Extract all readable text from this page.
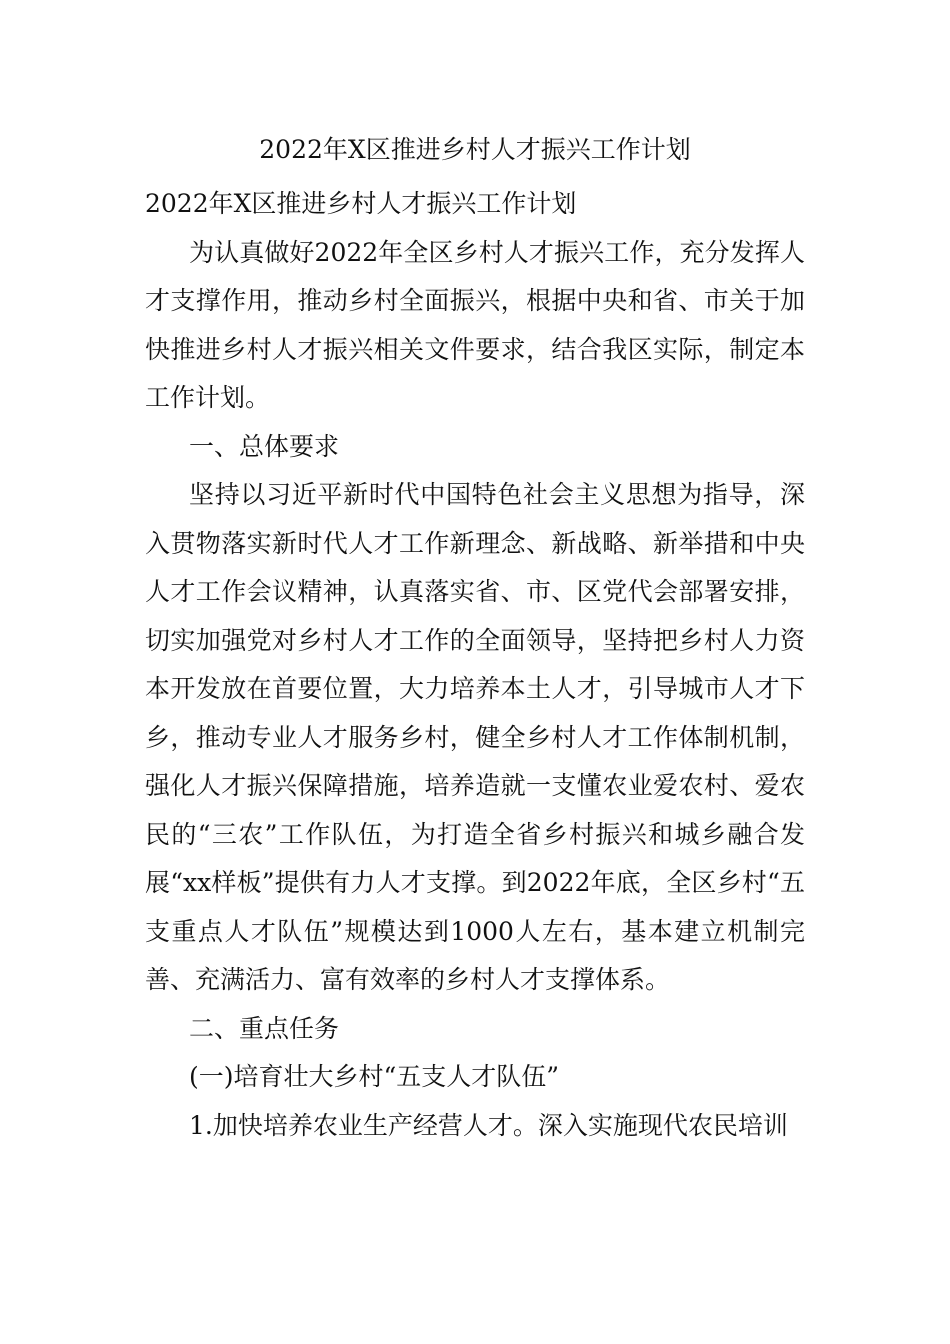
2022年X区推进乡村人才振兴工作计划

2022年X区推进乡村人才振兴工作计划

为认真做好2022年全区乡村人才振兴工作，充分发挥人才支撑作用，推动乡村全面振兴，根据中央和省、市关于加快推进乡村人才振兴相关文件要求，结合我区实际，制定本工作计划。

一、总体要求

坚持以习近平新时代中国特色社会主义思想为指导，深入贯物落实新时代人才工作新理念、新战略、新举措和中央人才工作会议精神，认真落实省、市、区党代会部署安排，切实加强党对乡村人才工作的全面领导，坚持把乡村人力资本开发放在首要位置，大力培养本土人才，引导城市人才下乡，推动专业人才服务乡村，健全乡村人才工作体制机制，强化人才振兴保障措施，培养造就一支懂农业爱农村、爱农民的“三农”工作队伍，为打造全省乡村振兴和城乡融合发展“xx样板”提供有力人才支撑。到2022年底，全区乡村“五支重点人才队伍”规模达到1000人左右，基本建立机制完善、充满活力、富有效率的乡村人才支撑体系。

二、重点任务

(一)培育壮大乡村“五支人才队伍”

1.加快培养农业生产经营人才。深入实施现代农民培训
